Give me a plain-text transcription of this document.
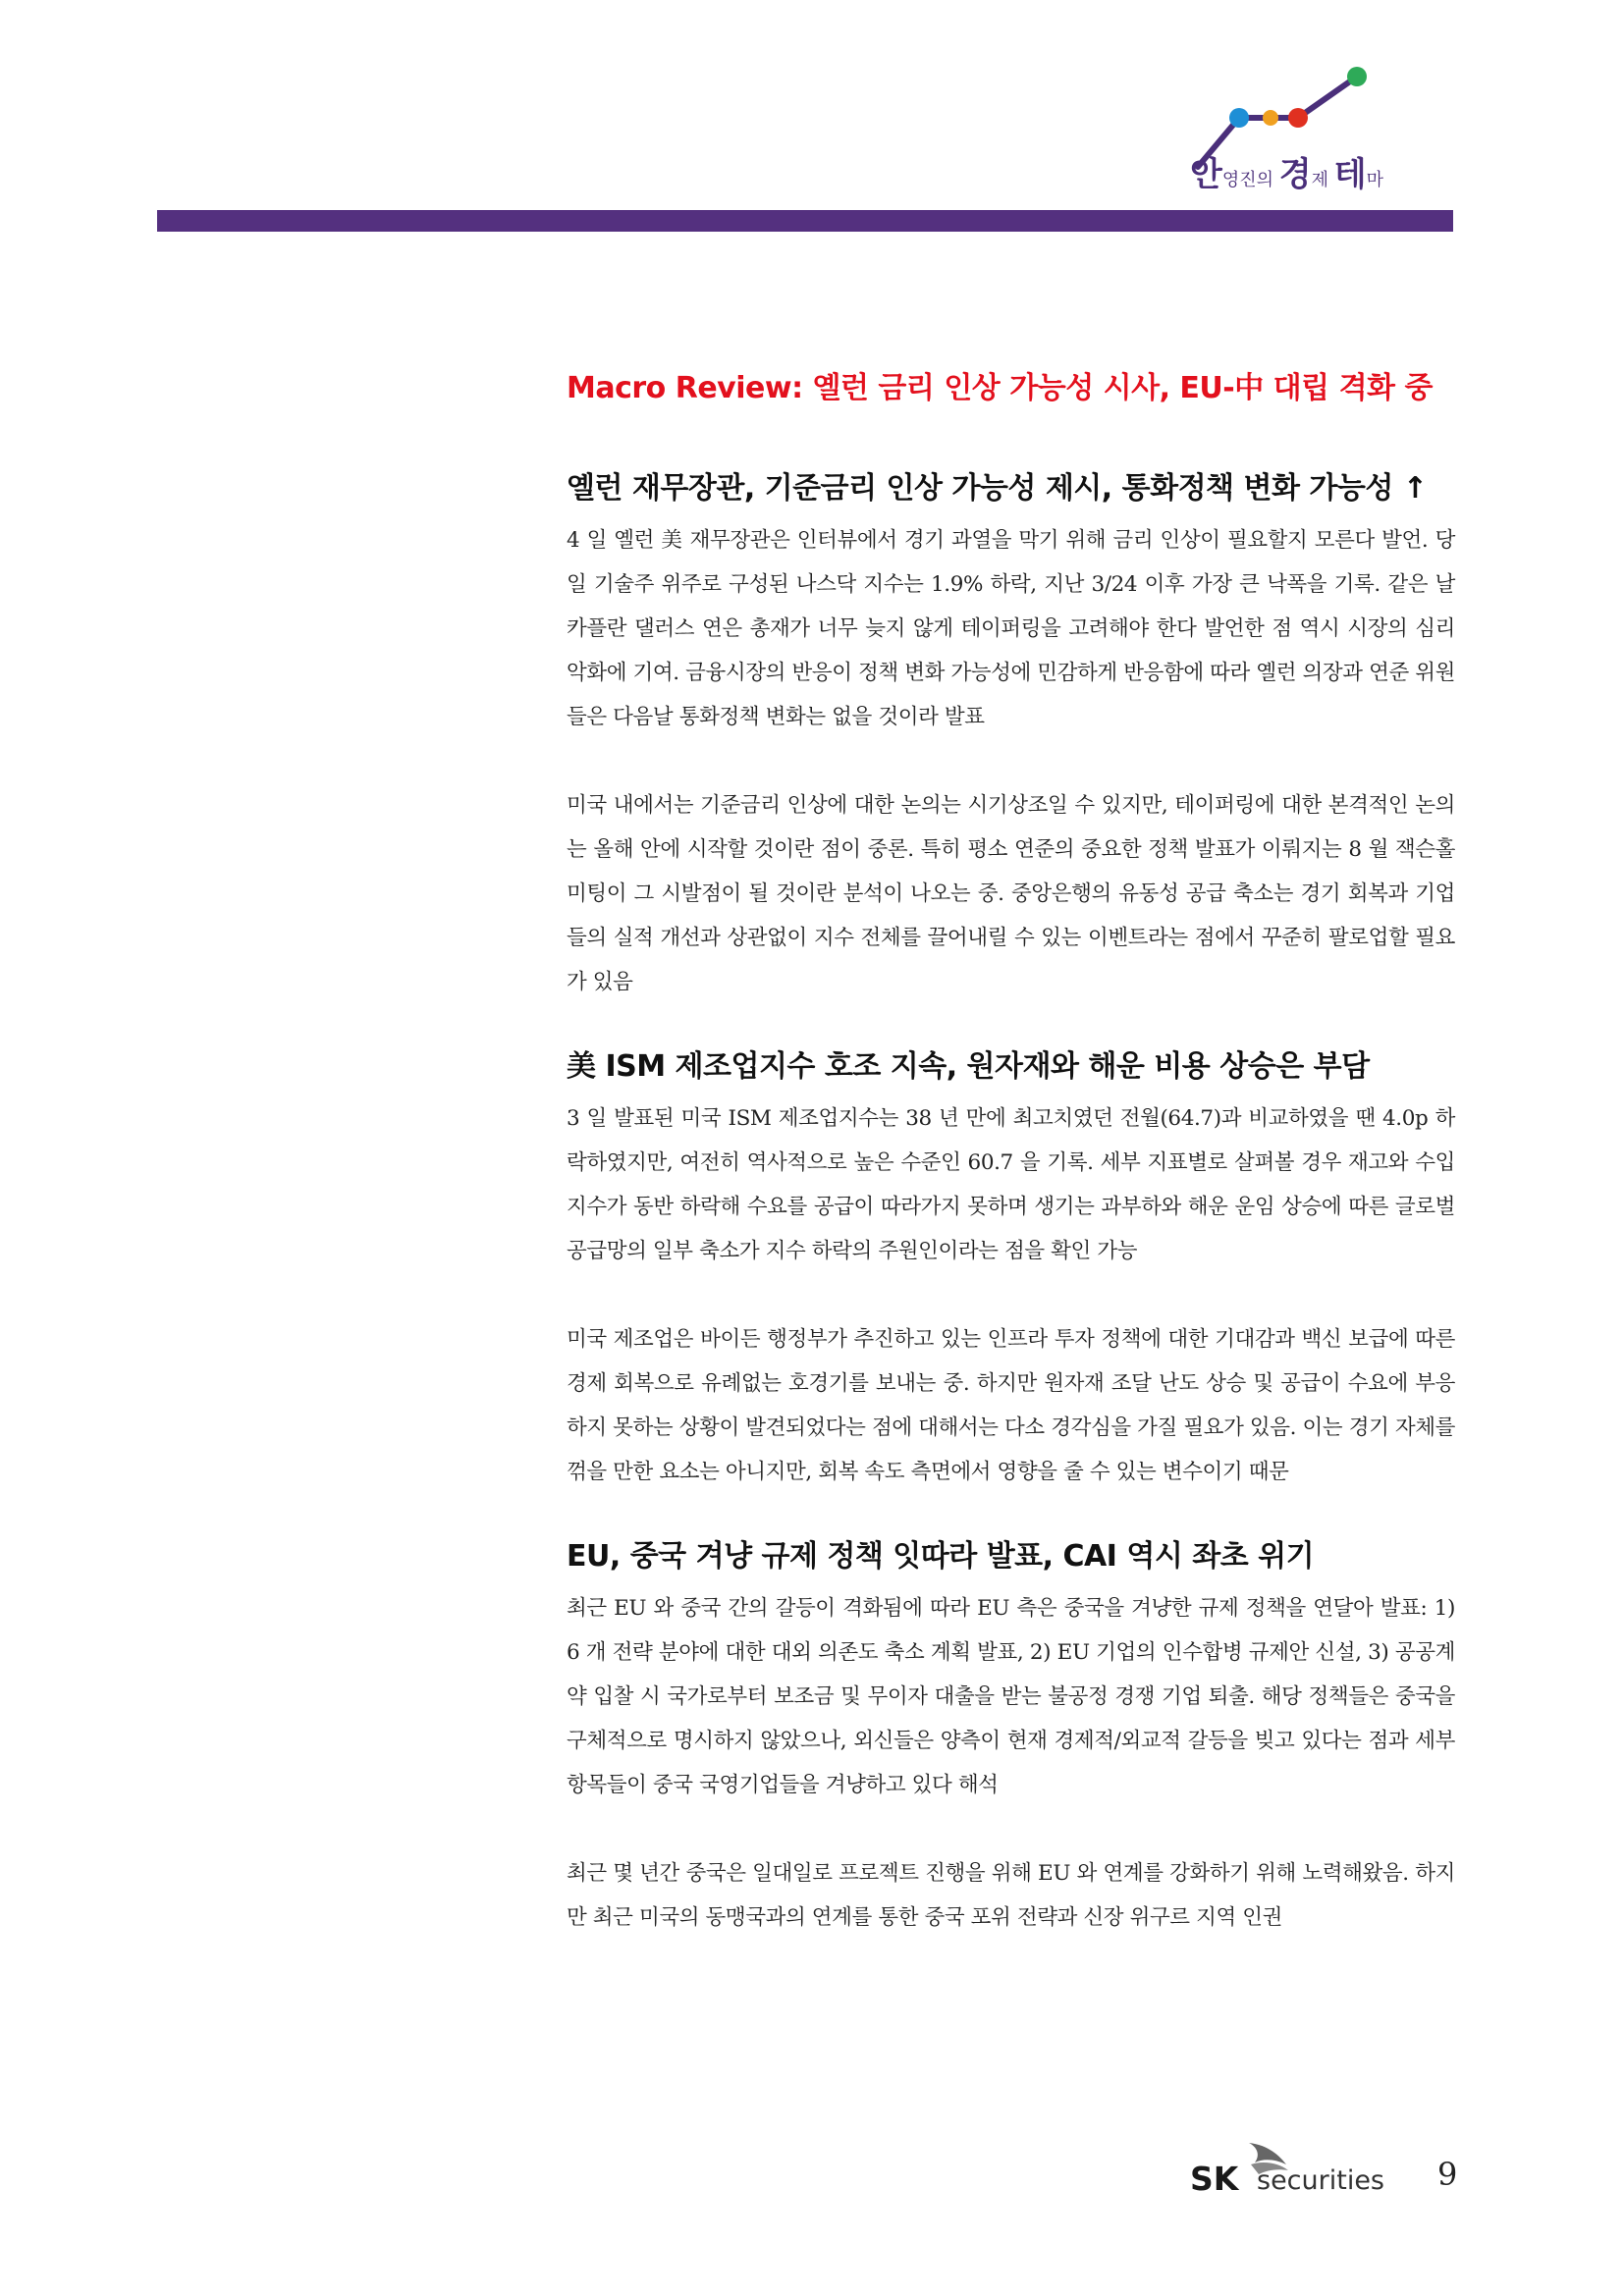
안영진의 경제 테마
Macro Review: 옐런 금리 인상 가능성 시사, EU-中 대립 격화 중
옐런 재무장관, 기준금리 인상 가능성 제시, 통화정책 변화 가능성 ↑

4 일 옐런 美 재무장관은 인터뷰에서 경기 과열을 막기 위해 금리 인상이 필요할지 모른다 발언. 당일 기술주 위주로 구성된 나스닥 지수는 1.9% 하락, 지난 3/24 이후 가장 큰 낙폭을 기록. 같은 날 카플란 댈러스 연은 총재가 너무 늦지 않게 테이퍼링을 고려해야 한다 발언한 점 역시 시장의 심리 악화에 기여. 금융시장의 반응이 정책 변화 가능성에 민감하게 반응함에 따라 옐런 의장과 연준 위원들은 다음날 통화정책 변화는 없을 것이라 발표

미국 내에서는 기준금리 인상에 대한 논의는 시기상조일 수 있지만, 테이퍼링에 대한 본격적인 논의는 올해 안에 시작할 것이란 점이 중론. 특히 평소 연준의 중요한 정책 발표가 이뤄지는 8 월 잭슨홀 미팅이 그 시발점이 될 것이란 분석이 나오는 중. 중앙은행의 유동성 공급 축소는 경기 회복과 기업들의 실적 개선과 상관없이 지수 전체를 끌어내릴 수 있는 이벤트라는 점에서 꾸준히 팔로업할 필요가 있음

美 ISM 제조업지수 호조 지속, 원자재와 해운 비용 상승은 부담

3 일 발표된 미국 ISM 제조업지수는 38 년 만에 최고치였던 전월(64.7)과 비교하였을 땐 4.0p 하락하였지만, 여전히 역사적으로 높은 수준인 60.7 을 기록. 세부 지표별로 살펴볼 경우 재고와 수입지수가 동반 하락해 수요를 공급이 따라가지 못하며 생기는 과부하와 해운 운임 상승에 따른 글로벌 공급망의 일부 축소가 지수 하락의 주원인이라는 점을 확인 가능

미국 제조업은 바이든 행정부가 추진하고 있는 인프라 투자 정책에 대한 기대감과 백신 보급에 따른 경제 회복으로 유례없는 호경기를 보내는 중. 하지만 원자재 조달 난도 상승 및 공급이 수요에 부응하지 못하는 상황이 발견되었다는 점에 대해서는 다소 경각심을 가질 필요가 있음. 이는 경기 자체를 꺾을 만한 요소는 아니지만, 회복 속도 측면에서 영향을 줄 수 있는 변수이기 때문

EU, 중국 겨냥 규제 정책 잇따라 발표, CAI 역시 좌초 위기

최근 EU 와 중국 간의 갈등이 격화됨에 따라 EU 측은 중국을 겨냥한 규제 정책을 연달아 발표: 1) 6 개 전략 분야에 대한 대외 의존도 축소 계획 발표, 2) EU 기업의 인수합병 규제안 신설, 3) 공공계약 입찰 시 국가로부터 보조금 및 무이자 대출을 받는 불공정 경쟁 기업 퇴출. 해당 정책들은 중국을 구체적으로 명시하지 않았으나, 외신들은 양측이 현재 경제적/외교적 갈등을 빚고 있다는 점과 세부 항목들이 중국 국영기업들을 겨냥하고 있다 해석

최근 몇 년간 중국은 일대일로 프로젝트 진행을 위해 EU 와 연계를 강화하기 위해 노력해왔음. 하지만 최근 미국의 동맹국과의 연계를 통한 중국 포위 전략과 신장 위구르 지역 인권

SK securities 9
